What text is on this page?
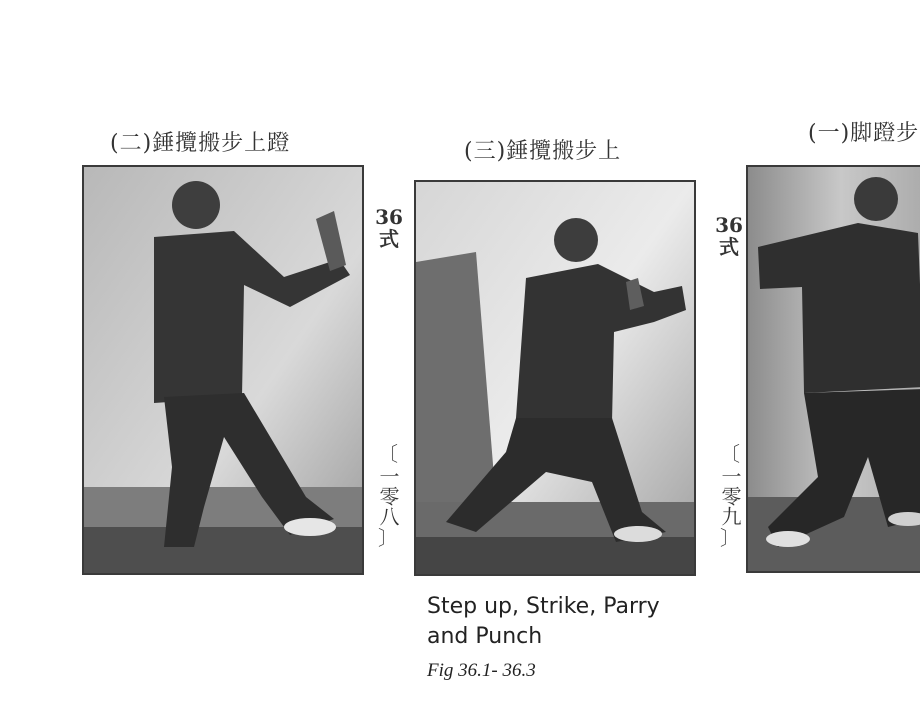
(二)錘攬搬步上蹬	(三)錘攬搬步上
(一)脚蹬步
36
式
36
式
〔
一零八
〕
〔
一零九
〕
Step up, Strike, Parry
and Punch
Fig 36.1- 36.3
